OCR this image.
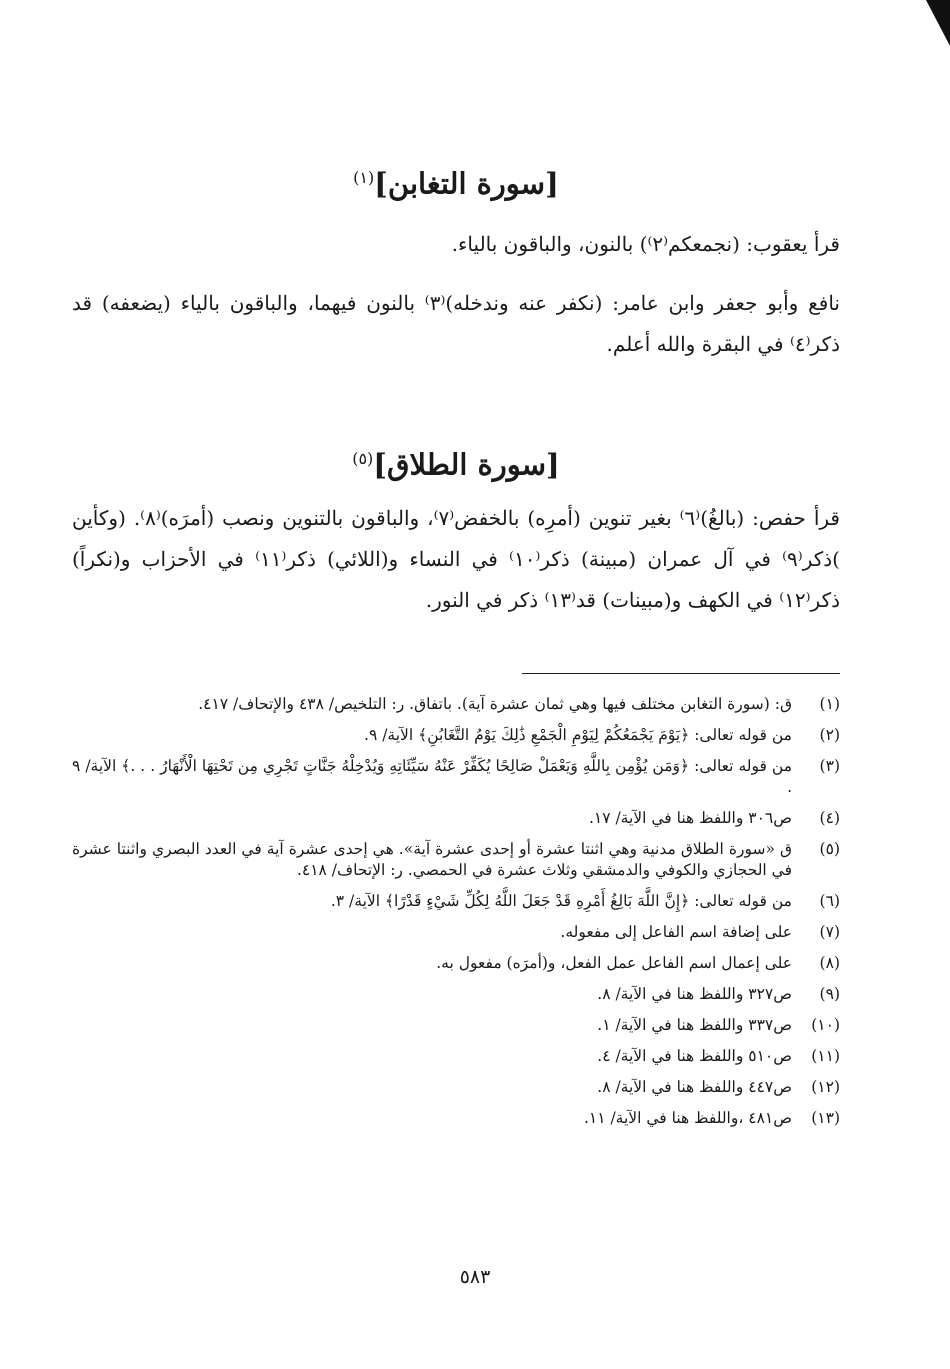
[سورة التغابن]$^{(١)}$

قرأ يعقوب: (نجمعكم⁽٢⁾) بالنون، والباقون بالياء.

نافع وأبو جعفر وابن عامر: (نكفر عنه وندخله)⁽٣⁾ بالنون فيهما، والباقون بالياء (يضعفه) قد ذكر⁽٤⁾ في البقرة والله أعلم.

[سورة الطلاق]$^{(٥)}$

قرأ حفص: (بالغُ)⁽٦⁾ بغير تنوين (أمرِه) بالخفض⁽٧⁾، والباقون بالتنوين ونصب (أمرَه)⁽٨⁾. (وكأين )ذكر⁽٩⁾ في آل عمران (مبينة) ذكر⁽١٠⁾ في النساء و(اللائي) ذكر⁽١١⁾ في الأحزاب و(نكراً) ذكر⁽١٢⁾ في الكهف و(مبينات) قد⁽١٣⁾ ذكر في النور.

(١)
ق: (سورة التغابن مختلف فيها وهي ثمان عشرة آية). باتفاق. ر: التلخيص/ ٤٣٨ والإتحاف/ ٤١٧.
(٢)
من قوله تعالى: ﴿يَوْمَ يَجْمَعُكُمْ لِيَوْمِ الْجَمْعِ ذَٰلِكَ يَوْمُ التَّغَابُنِ﴾ الآية/ ٩.
(٣)
من قوله تعالى: ﴿وَمَن يُؤْمِن بِاللَّهِ وَيَعْمَلْ صَالِحًا يُكَفِّرْ عَنْهُ سَيِّئَاتِهِ وَيُدْخِلْهُ جَنَّاتٍ تَجْرِي مِن تَحْتِهَا الْأَنْهَارُ . . .﴾ الآية/ ٩ .
(٤)
ص٣٠٦ واللفظ هنا في الآية/ ١٧.
(٥)
ق «سورة الطلاق مدنية وهي اثنتا عشرة أو إحدى عشرة آية». هي إحدى عشرة آية في العدد البصري واثنتا عشرة في الحجازي والكوفي والدمشقي وثلاث عشرة في الحمصي. ر: الإتحاف/ ٤١٨.
(٦)
من قوله تعالى: ﴿إِنَّ اللَّهَ بَالِغُ أَمْرِهِ قَدْ جَعَلَ اللَّهُ لِكُلِّ شَيْءٍ قَدْرًا﴾ الآية/ ٣.
(٧)
على إضافة اسم الفاعل إلى مفعوله.
(٨)
على إعمال اسم الفاعل عمل الفعل، و(أمرَه) مفعول به.
(٩)
ص٣٢٧ واللفظ هنا في الآية/ ٨.
(١٠)
ص٣٣٧ واللفظ هنا في الآية/ ١.
(١١)
ص٥١٠ واللفظ هنا في الآية/ ٤.
(١٢)
ص٤٤٧ واللفظ هنا في الآية/ ٨.
(١٣)
ص٤٨١ ،واللفظ هنا في الآية/ ١١.
٥٨٣
